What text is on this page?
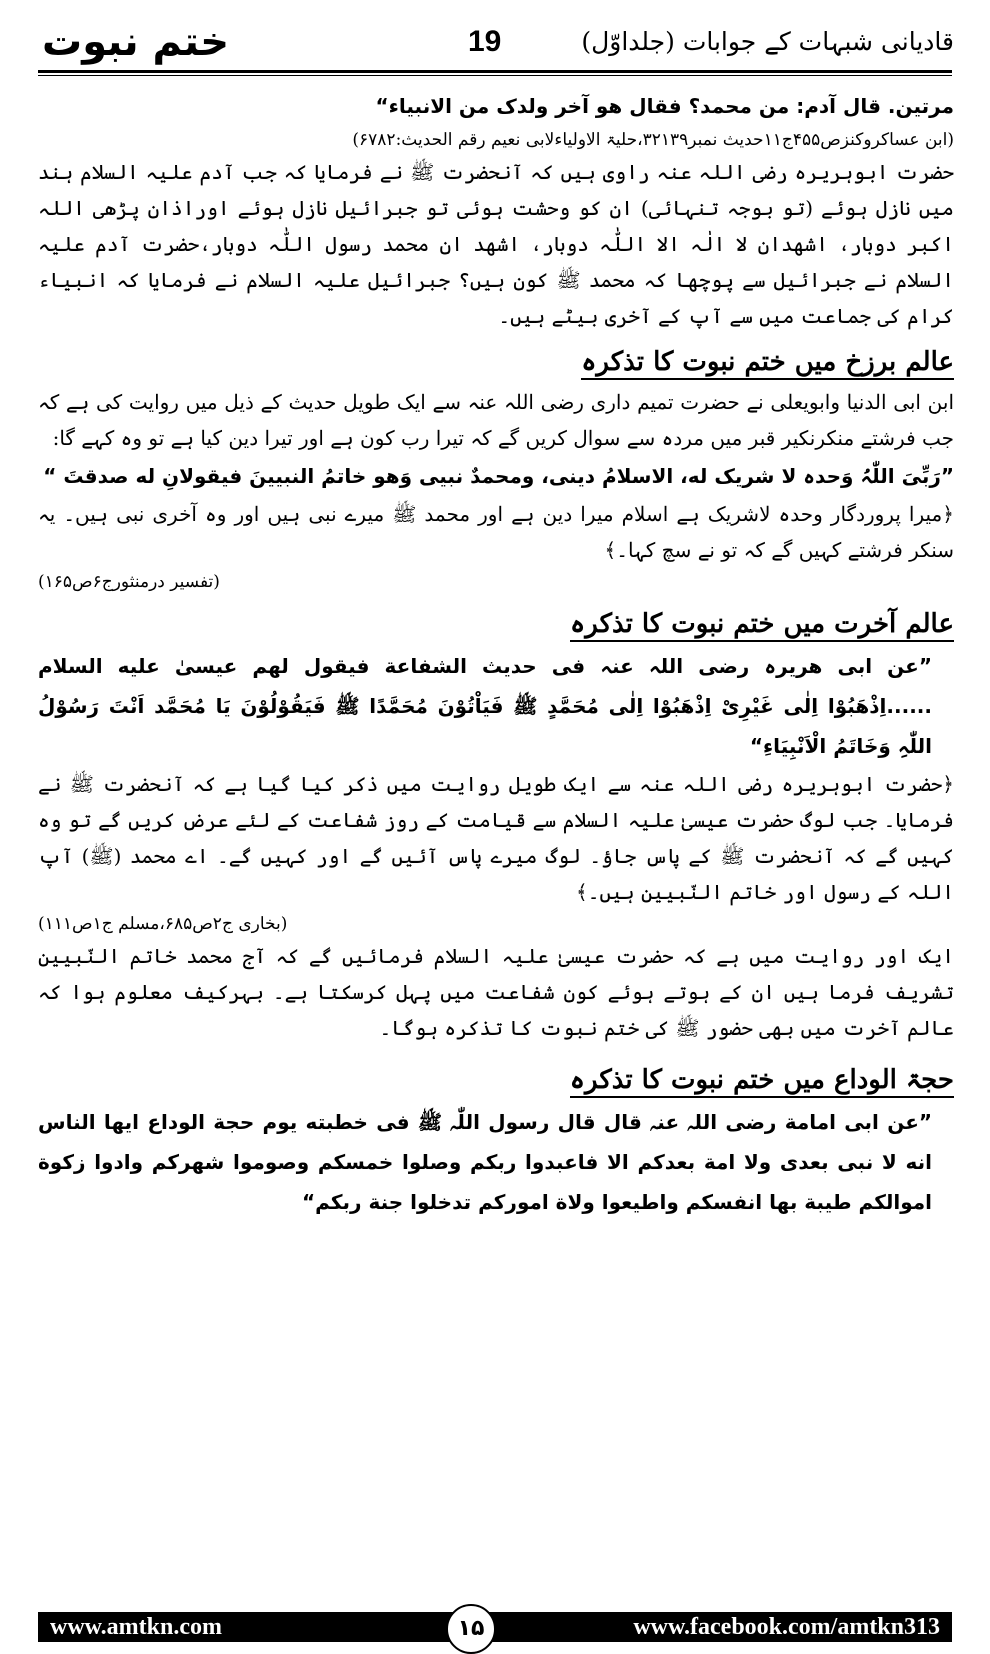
ختم نبوت	19	قادیانی شبہات کے جوابات (جلداوّل)

مرتین. قال آدم: من محمد؟ فقال هو آخر ولدک من الانبیاء“

(ابن عساکروکنزص۴۵۵ج۱۱حدیث نمبر۳۲۱۳۹،حلیۃ الاولیاءلابی نعیم رقم الحدیث:۶۷۸۲)

حضرت ابوہریرہ رضی اللہ عنہ راوی ہیں کہ آنحضرت ﷺ نے فرمایا کہ جب آدم علیہ السلام ہند میں نازل ہوئے (تو بوجہ تنہائی) ان کو وحشت ہوئی تو جبرائیل نازل ہوئے اوراذان پڑھی اللہ اکبر دوبار، اشھدان لا الٰہ الا اللّٰہ دوبار، اشھد ان محمد رسول اللّٰہ دوبار،حضرت آدم علیہ السلام نے جبرائیل سے پوچھا کہ محمد ﷺ کون ہیں؟ جبرائیل علیہ السلام نے فرمایا کہ انبیاء کرام کی جماعت میں سے آپ کے آخری بیٹے ہیں۔

عالم برزخ میں ختم نبوت کا تذکرہ

ابن ابی الدنیا وابویعلی نے حضرت تمیم داری رضی اللہ عنہ سے ایک طویل حدیث کے ذیل میں روایت کی ہے کہ جب فرشتے منکرنکیر قبر میں مردہ سے سوال کریں گے کہ تیرا رب کون ہے اور تیرا دین کیا ہے تو وہ کہے گا:

”رَبِّیَ اللّٰہُ وَحدہ لا شریک له، الاسلامُ دینی، ومحمدٌ نبیی وَھو خاتمُ النبیینَ فیقولانِ له صدقتَ “

﴿میرا پروردگار وحدہ لاشریک ہے اسلام میرا دین ہے اور محمد ﷺ میرے نبی ہیں اور وہ آخری نبی ہیں۔ یہ سنکر فرشتے کہیں گے کہ تو نے سچ کہا۔﴾

(تفسیر درمنثورج۶ص۱۶۵)

عالم آخرت میں ختم نبوت کا تذکرہ

”عن ابی ھریرہ رضی اللہ عنہ فی حدیث الشفاعة فیقول لھم عیسیٰ علیه السلام ......اِذْھَبُوْا اِلٰی غَیْرِیْ اِذْھَبُوْا اِلٰی مُحَمَّدٍ ﷺ فَیَاْتُوْنَ مُحَمَّدًا ﷺ فَیَقُوْلُوْنَ یَا مُحَمَّد اَنْتَ رَسُوْلُ اللّٰہِ وَخَاتَمُ الْاَنْبِیَاءِ“

﴿حضرت ابوہریرہ رضی اللہ عنہ سے ایک طویل روایت میں ذکر کیا گیا ہے کہ آنحضرت ﷺ نے فرمایا۔ جب لوگ حضرت عیسیٰ علیہ السلام سے قیامت کے روز شفاعت کے لئے عرض کریں گے تو وہ کہیں گے کہ آنحضرت ﷺ کے پاس جاؤ۔ لوگ میرے پاس آئیں گے اور کہیں گے۔ اے محمد (ﷺ) آپ اللہ کے رسول اور خاتم النّبیین ہیں۔﴾

(بخاری ج۲ص۶۸۵،مسلم ج۱ص۱۱۱)

ایک اور روایت میں ہے کہ حضرت عیسیٰ علیہ السلام فرمائیں گے کہ آج محمد خاتم النّبیین تشریف فرما ہیں ان کے ہوتے ہوئے کون شفاعت میں پہل کرسکتا ہے۔ بہرکیف معلوم ہوا کہ عالم آخرت میں بھی حضور ﷺ کی ختم نبوت کا تذکرہ ہوگا۔

حجۃ الوداع میں ختم نبوت کا تذکرہ

”عن ابی امامة رضی اللہ عنہ قال قال رسول اللّٰہ ﷺ فی خطبته یوم حجة الوداع ایھا الناس انه لا نبی بعدی ولا امة بعدکم الا فاعبدوا ربکم وصلوا خمسکم وصوموا شھرکم وادوا زکوة اموالکم طیبة بھا انفسکم واطیعوا ولاة امورکم تدخلوا جنة ربکم“

www.amtkn.com	۱۵	www.facebook.com/amtkn313
